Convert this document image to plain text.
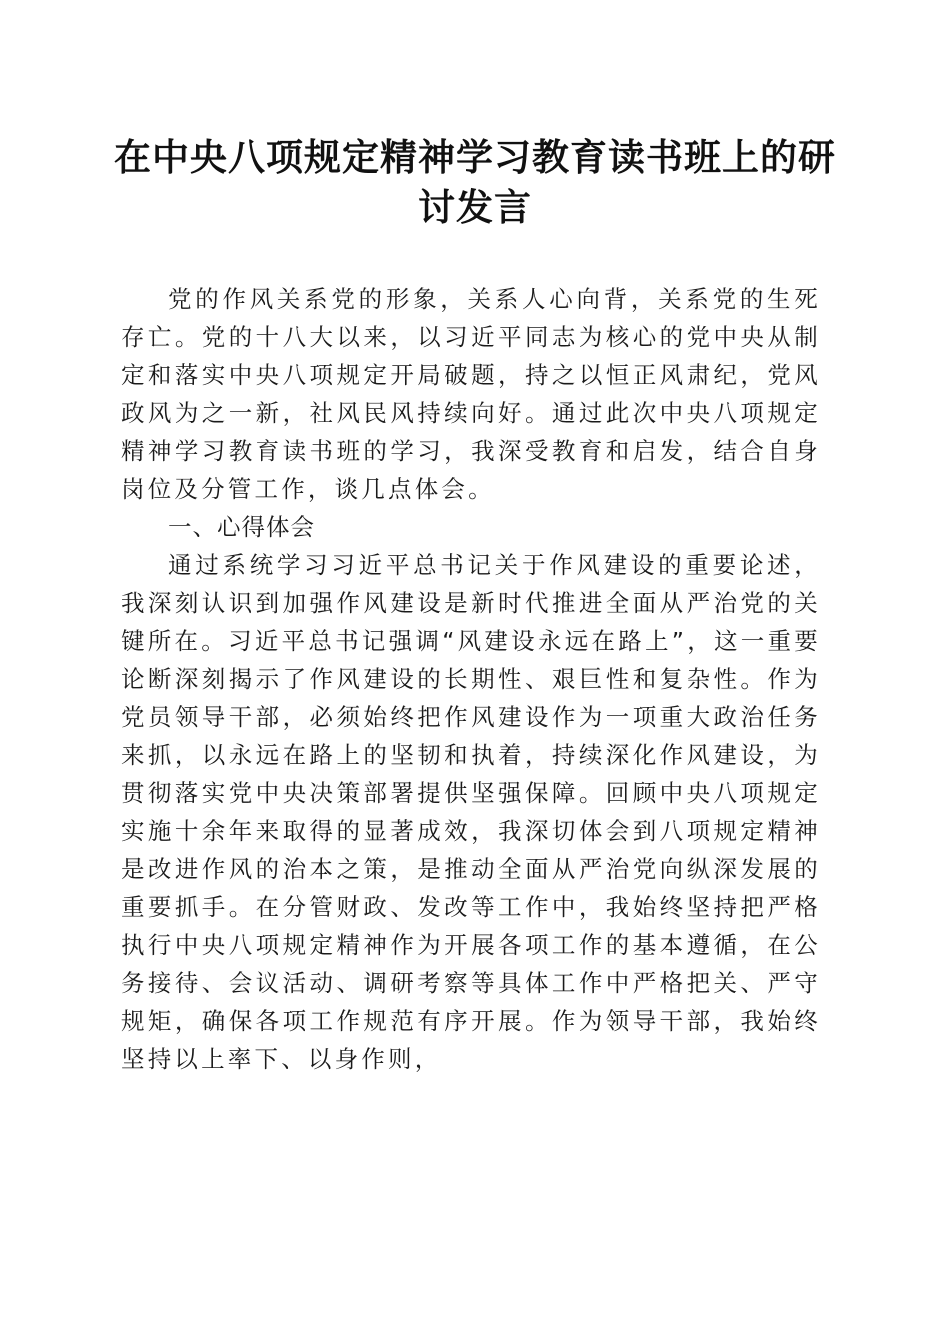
在中央八项规定精神学习教育读书班上的研讨发言

党的作风关系党的形象，关系人心向背，关系党的生死存亡。党的十八大以来，以习近平同志为核心的党中央从制定和落实中央八项规定开局破题，持之以恒正风肃纪，党风政风为之一新，社风民风持续向好。通过此次中央八项规定精神学习教育读书班的学习，我深受教育和启发，结合自身岗位及分管工作，谈几点体会。

一、心得体会

通过系统学习习近平总书记关于作风建设的重要论述，我深刻认识到加强作风建设是新时代推进全面从严治党的关键所在。习近平总书记强调“风建设永远在路上”，这一重要论断深刻揭示了作风建设的长期性、艰巨性和复杂性。作为党员领导干部，必须始终把作风建设作为一项重大政治任务来抓，以永远在路上的坚韧和执着，持续深化作风建设，为贯彻落实党中央决策部署提供坚强保障。回顾中央八项规定实施十余年来取得的显著成效，我深切体会到八项规定精神是改进作风的治本之策，是推动全面从严治党向纵深发展的重要抓手。在分管财政、发改等工作中，我始终坚持把严格执行中央八项规定精神作为开展各项工作的基本遵循，在公务接待、会议活动、调研考察等具体工作中严格把关、严守规矩，确保各项工作规范有序开展。作为领导干部，我始终坚持以上率下、以身作则，
